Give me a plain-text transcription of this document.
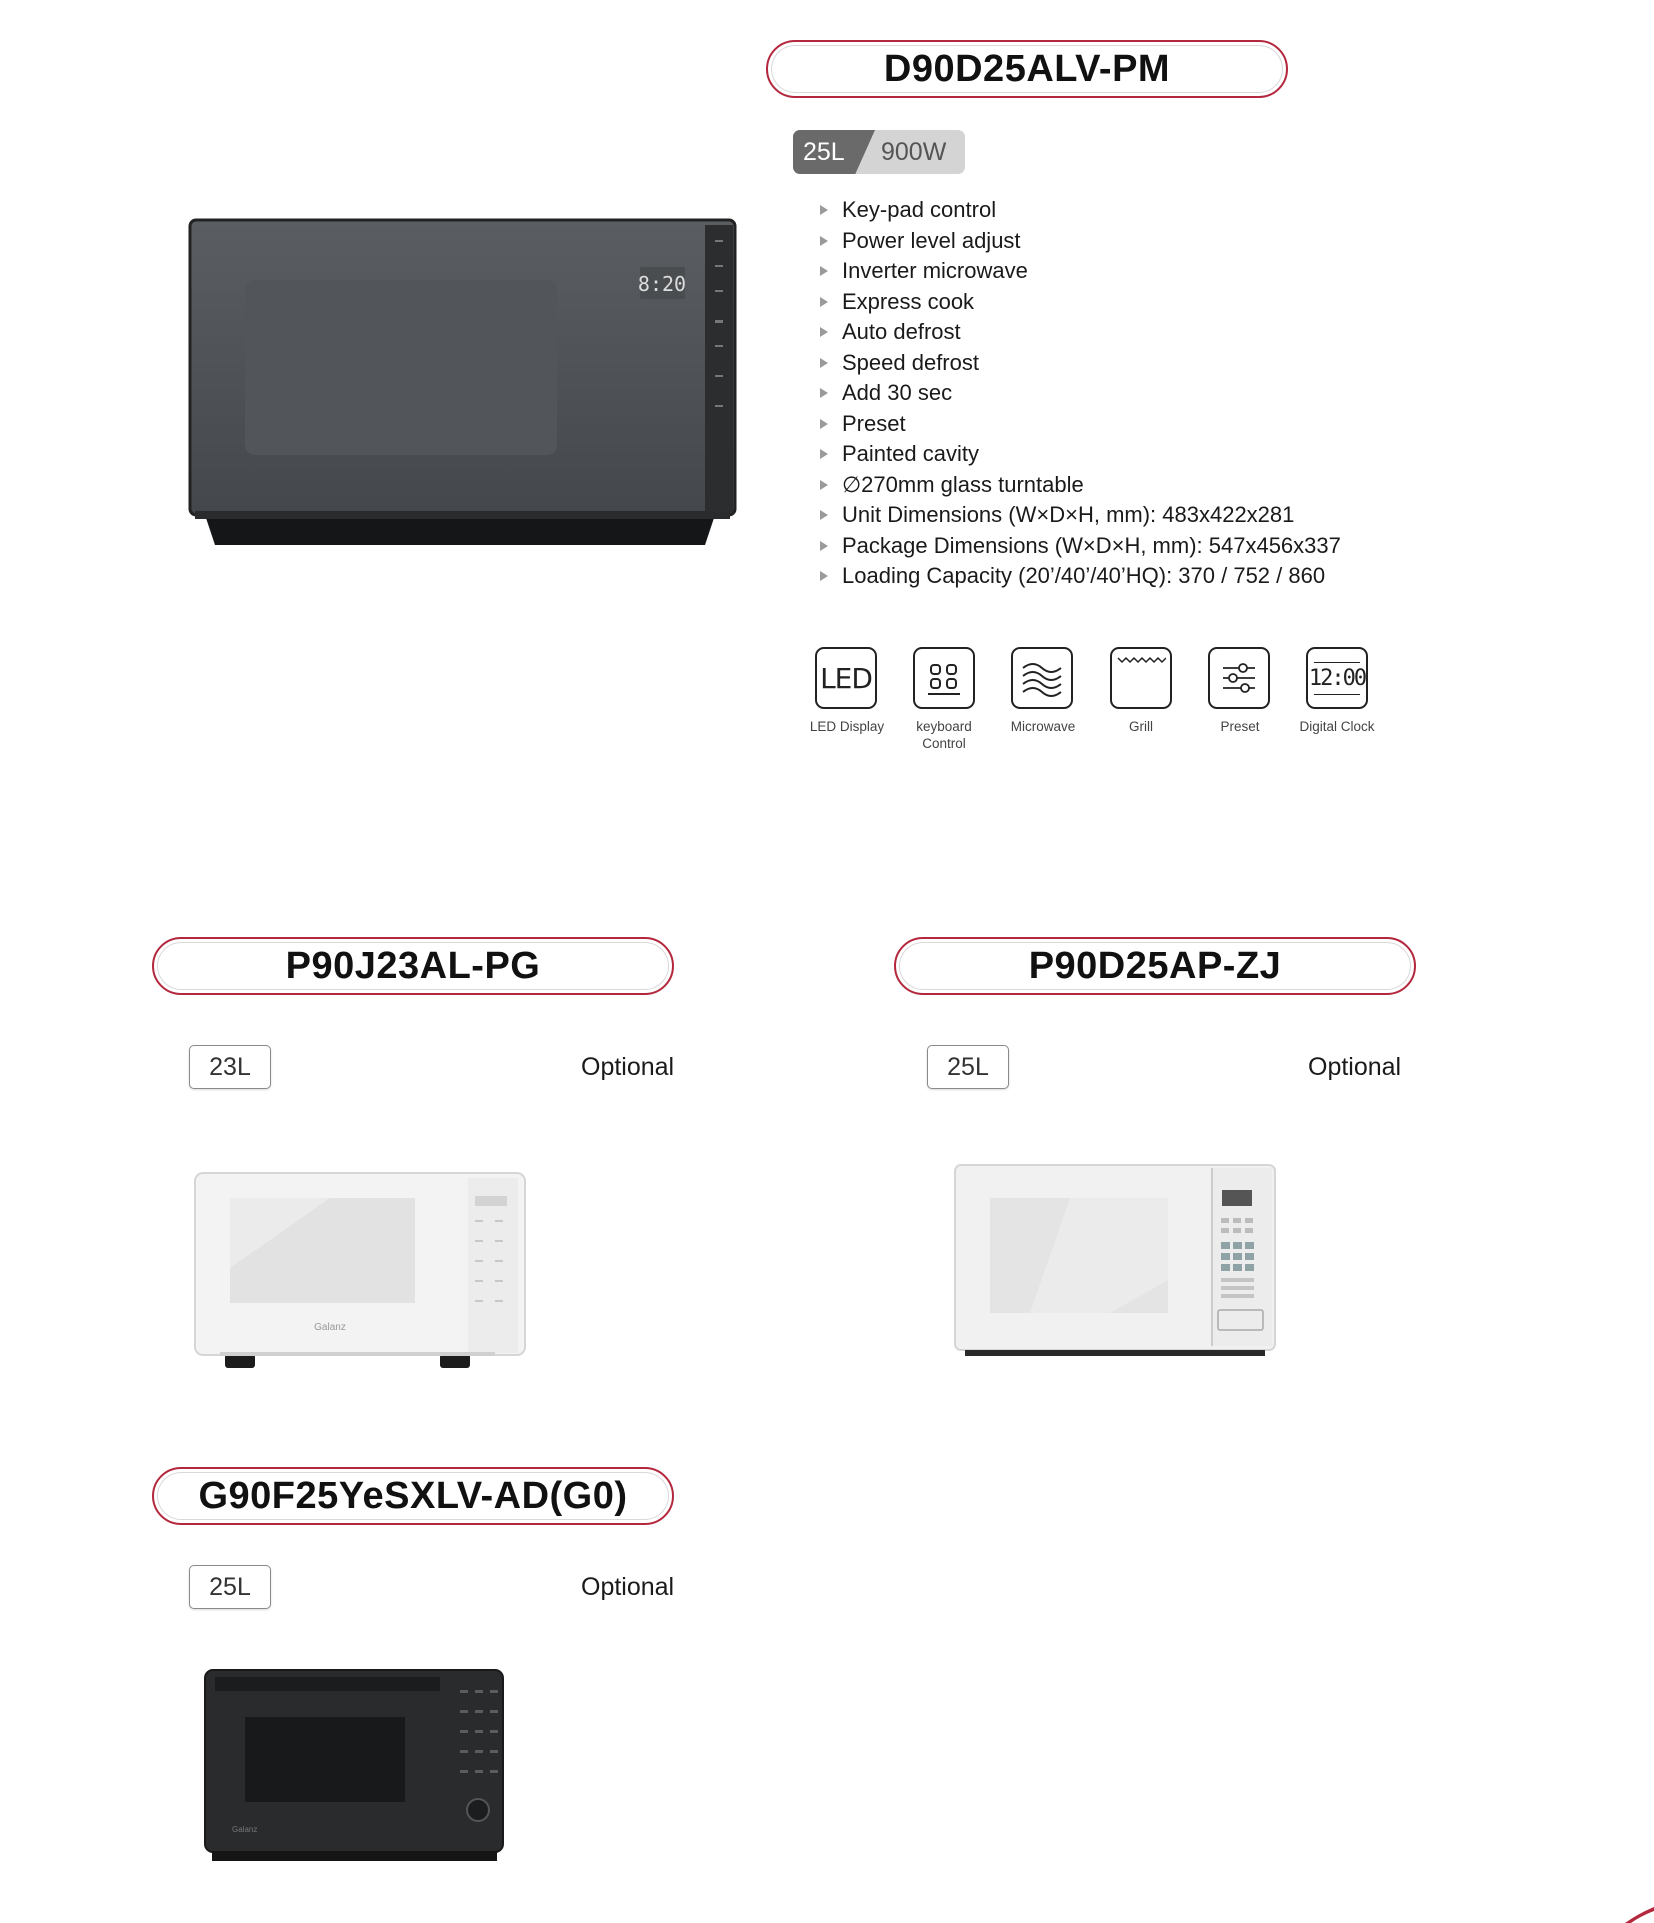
D90D25ALV-PM
25L 900W
8:20
Key-pad control
Power level adjust
Inverter microwave
Express cook
Auto defrost
Speed defrost
Add 30 sec
Preset
Painted cavity
∅270mm glass turntable
Unit Dimensions (W×D×H, mm): 483x422x281
Package Dimensions (W×D×H, mm): 547x456x337
Loading Capacity (20’/40’/40’HQ): 370 / 752 / 860
LED
LED Display	keyboard Control
Microwave	Grill	Preset
12:00
Digital Clock
P90J23AL-PG
23L	Optional
Galanz
P90D25AP-ZJ
25L	Optional
G90F25YeSXLV-AD(G0)
25L	Optional
Galanz
